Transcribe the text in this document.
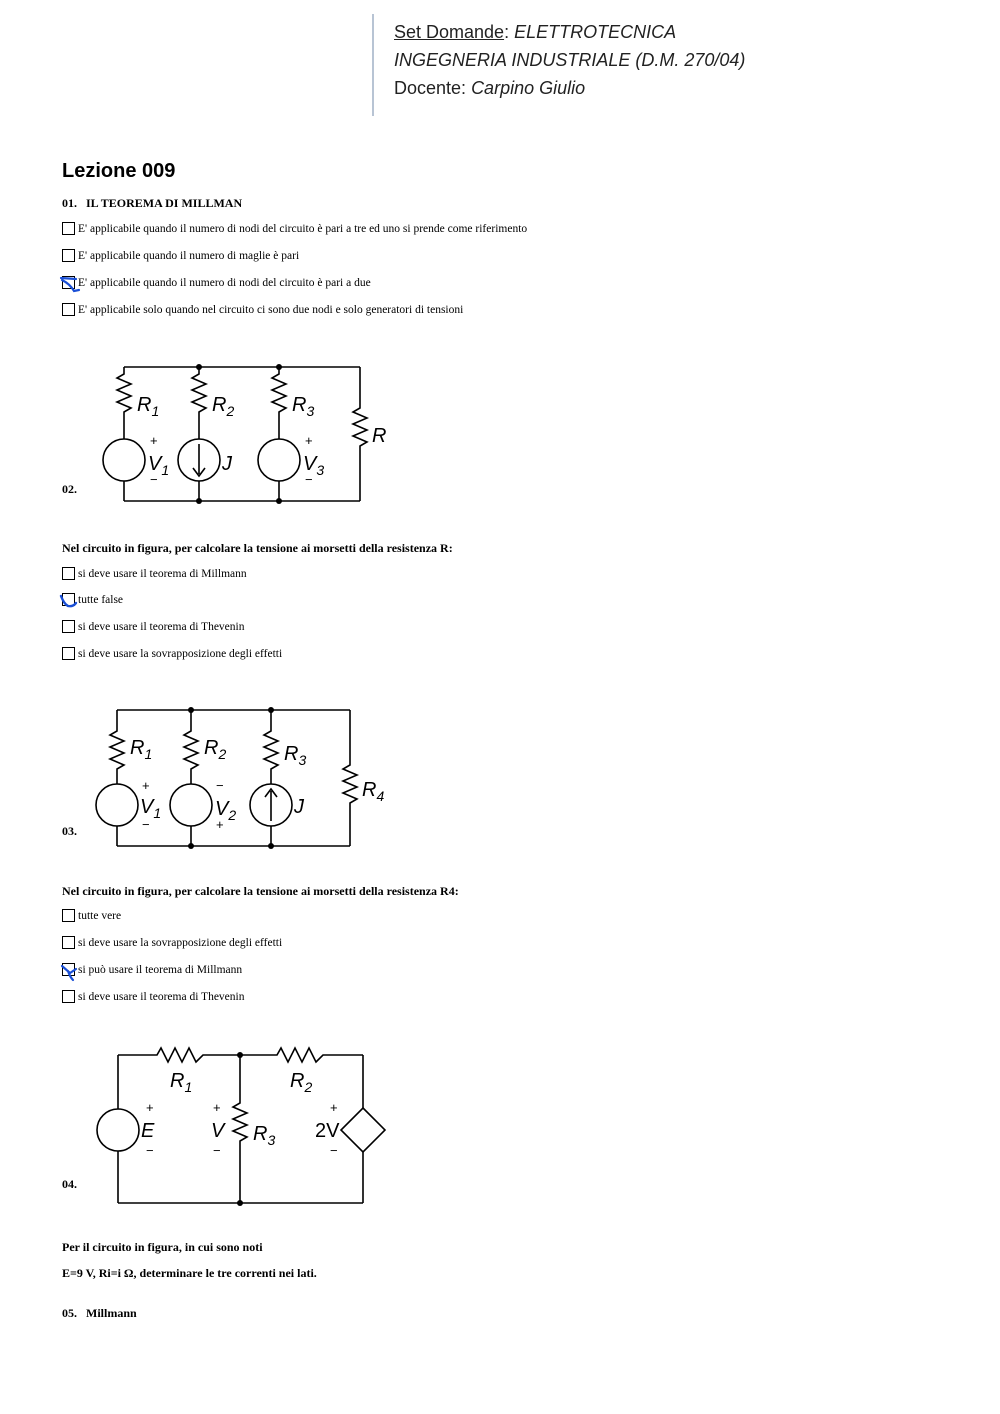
Set Domande: ELETTROTECNICA
INGEGNERIA INDUSTRIALE (D.M. 270/04)
Docente: Carpino Giulio
Lezione 009
01. IL TEOREMA DI MILLMAN
E' applicabile quando il numero di nodi del circuito è pari a tre ed uno si prende come riferimento
E' applicabile quando il numero di maglie è pari
E' applicabile quando il numero di nodi del circuito è pari a due
E' applicabile solo quando nel circuito ci sono due nodi e solo generatori di tensioni
$R_1$	$R_2$	$R_3$
R
$V_1$	J	$V_3$
+
−
+
−
02.
Nel circuito in figura, per calcolare la tensione ai morsetti della resistenza R:
si deve usare il teorema di Millmann
tutte false
si deve usare il teorema di Thevenin
si deve usare la sovrapposizione degli effetti
$R_1$	$R_2$	$R_3$
$R_4$
$V_1$	$V_2$	J
+
−
−
+
03.
Nel circuito in figura, per calcolare la tensione ai morsetti della resistenza R4:
tutte vere
si deve usare la sovrapposizione degli effetti
si può usare il teorema di Millmann
si deve usare il teorema di Thevenin
$R_1$	$R_2$
$R_3$
E	V	2V
+
−
+
−
+
−
04.
Per il circuito in figura, in cui sono noti
E=9 V, Ri=i Ω, determinare le tre correnti nei lati.
05. Millmann
